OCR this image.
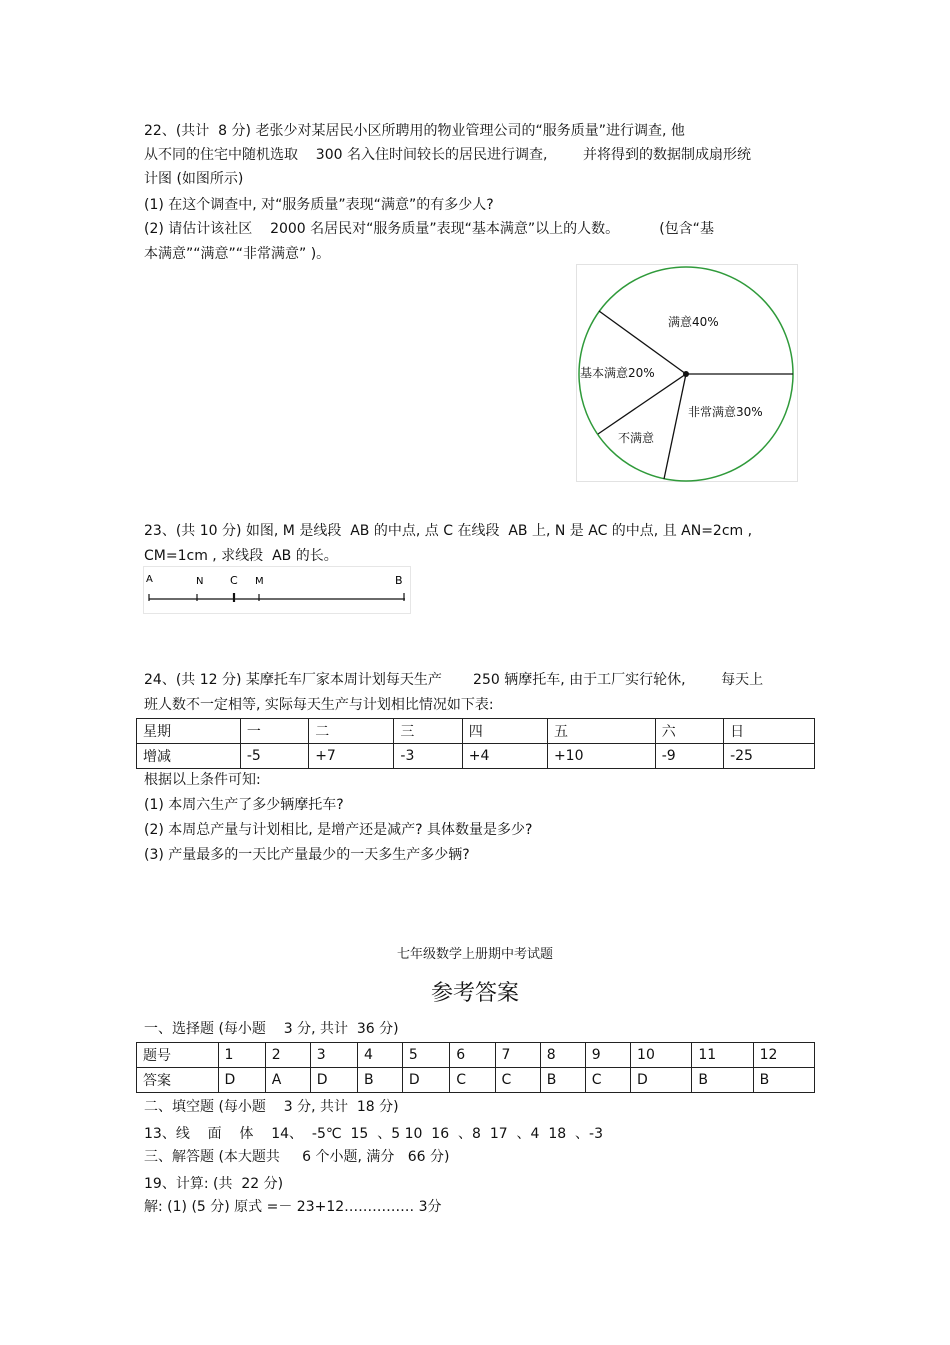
22、(共计  8 分) 老张少对某居民小区所聘用的物业管理公司的“服务质量”进行调查, 他
从不同的住宅中随机选取    300 名入住时间较长的居民进行调查,        并将得到的数据制成扇形统
计图 (如图所示)
(1) 在这个调查中, 对“服务质量”表现“满意”的有多少人?
(2) 请估计该社区    2000 名居民对“服务质量”表现“基本满意”以上的人数。         (包含“基
本满意”“满意”“非常满意” )。
满意40%
基本满意20%
非常满意30%
不满意
23、(共 10 分) 如图, M 是线段  AB 的中点, 点 C 在线段  AB 上, N 是 AC 的中点, 且 AN=2cm ,
CM=1cm , 求线段  AB 的长。
A	N C M	B
24、(共 12 分) 某摩托车厂家本周计划每天生产       250 辆摩托车, 由于工厂实行轮休,        每天上
班人数不一定相等, 实际每天生产与计划相比情况如下表:
星期	一	二	三	四	五	六	日
增减	-5	+7	-3	+4	+10	-9	-25
根据以上条件可知:
(1) 本周六生产了多少辆摩托车?
(2) 本周总产量与计划相比, 是增产还是减产? 具体数量是多少?
(3) 产量最多的一天比产量最少的一天多生产多少辆?
七年级数学上册期中考试题
参考答案
一、选择题 (每小题    3 分, 共计  36 分)
题号	1	2	3	4	5	6	7	8	9	10	11	12
答案	D	A	D	B	D	C	C	B	C	D	B	B
二、填空题 (每小题    3 分, 共计  18 分)
13、线    面    体    14、  -5℃  15  、5 10  16  、8  17  、4  18  、-3
三、解答题 (本大题共     6 个小题, 满分   66 分)
19、计算: (共  22 分)
解: (1) (5 分) 原式 =－ 23+12…………… 3分
